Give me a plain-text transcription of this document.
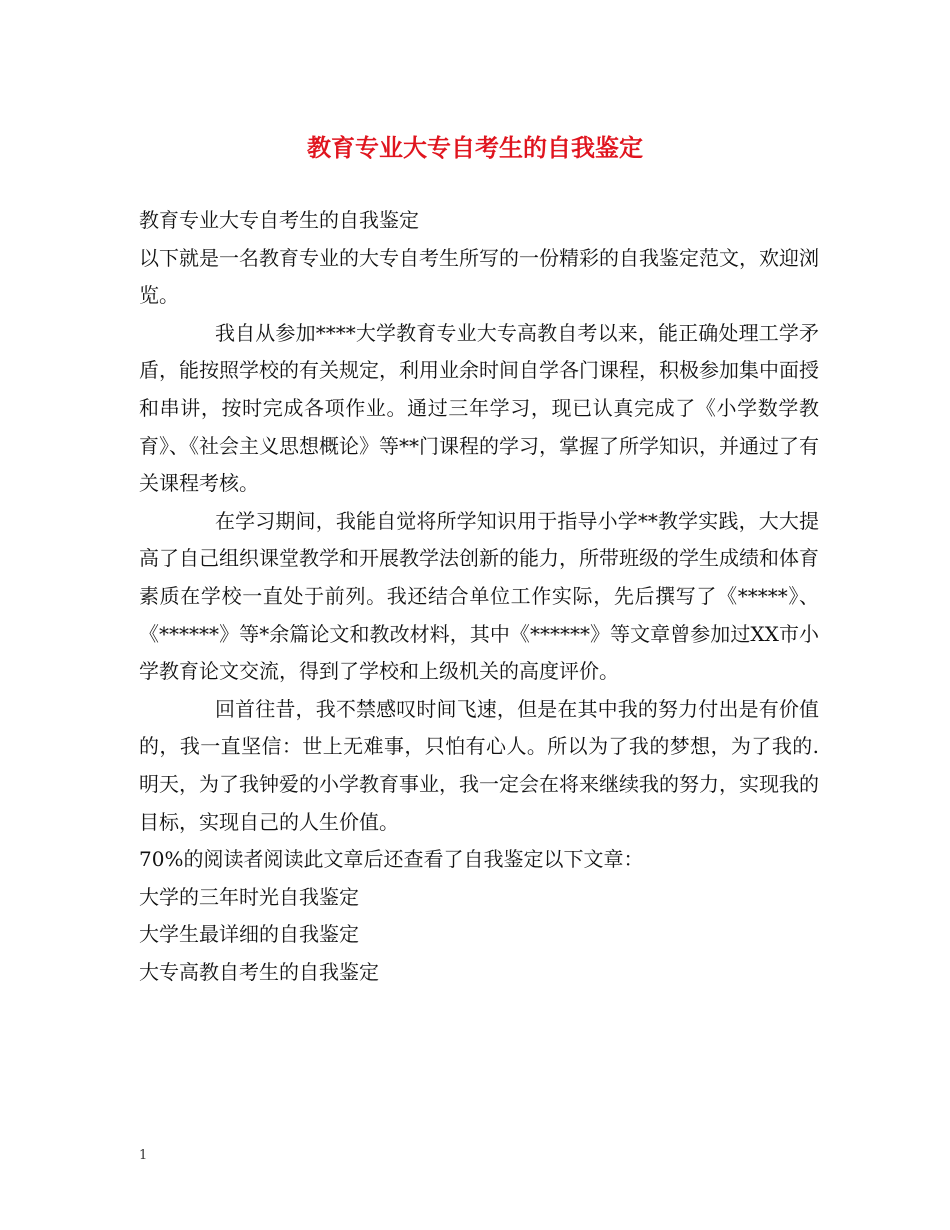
教育专业大专自考生的自我鉴定

教育专业大专自考生的自我鉴定

以下就是一名教育专业的大专自考生所写的一份精彩的自我鉴定范文，欢迎浏览。

我自从参加****大学教育专业大专高教自考以来，能正确处理工学矛盾，能按照学校的有关规定，利用业余时间自学各门课程，积极参加集中面授和串讲，按时完成各项作业。通过三年学习，现已认真完成了《小学数学教育》、《社会主义思想概论》等**门课程的学习，掌握了所学知识，并通过了有关课程考核。

在学习期间，我能自觉将所学知识用于指导小学**教学实践，大大提高了自己组织课堂教学和开展教学法创新的能力，所带班级的学生成绩和体育素质在学校一直处于前列。我还结合单位工作实际，先后撰写了《*****》、《******》等*余篇论文和教改材料，其中《******》等文章曾参加过XX市小学教育论文交流，得到了学校和上级机关的高度评价。

回首往昔，我不禁感叹时间飞速，但是在其中我的努力付出是有价值的，我一直坚信：世上无难事，只怕有心人。所以为了我的梦想，为了我的.明天，为了我钟爱的小学教育事业，我一定会在将来继续我的努力，实现我的目标，实现自己的人生价值。

70%的阅读者阅读此文章后还查看了自我鉴定以下文章：

大学的三年时光自我鉴定

大学生最详细的自我鉴定

大专高教自考生的自我鉴定

1
